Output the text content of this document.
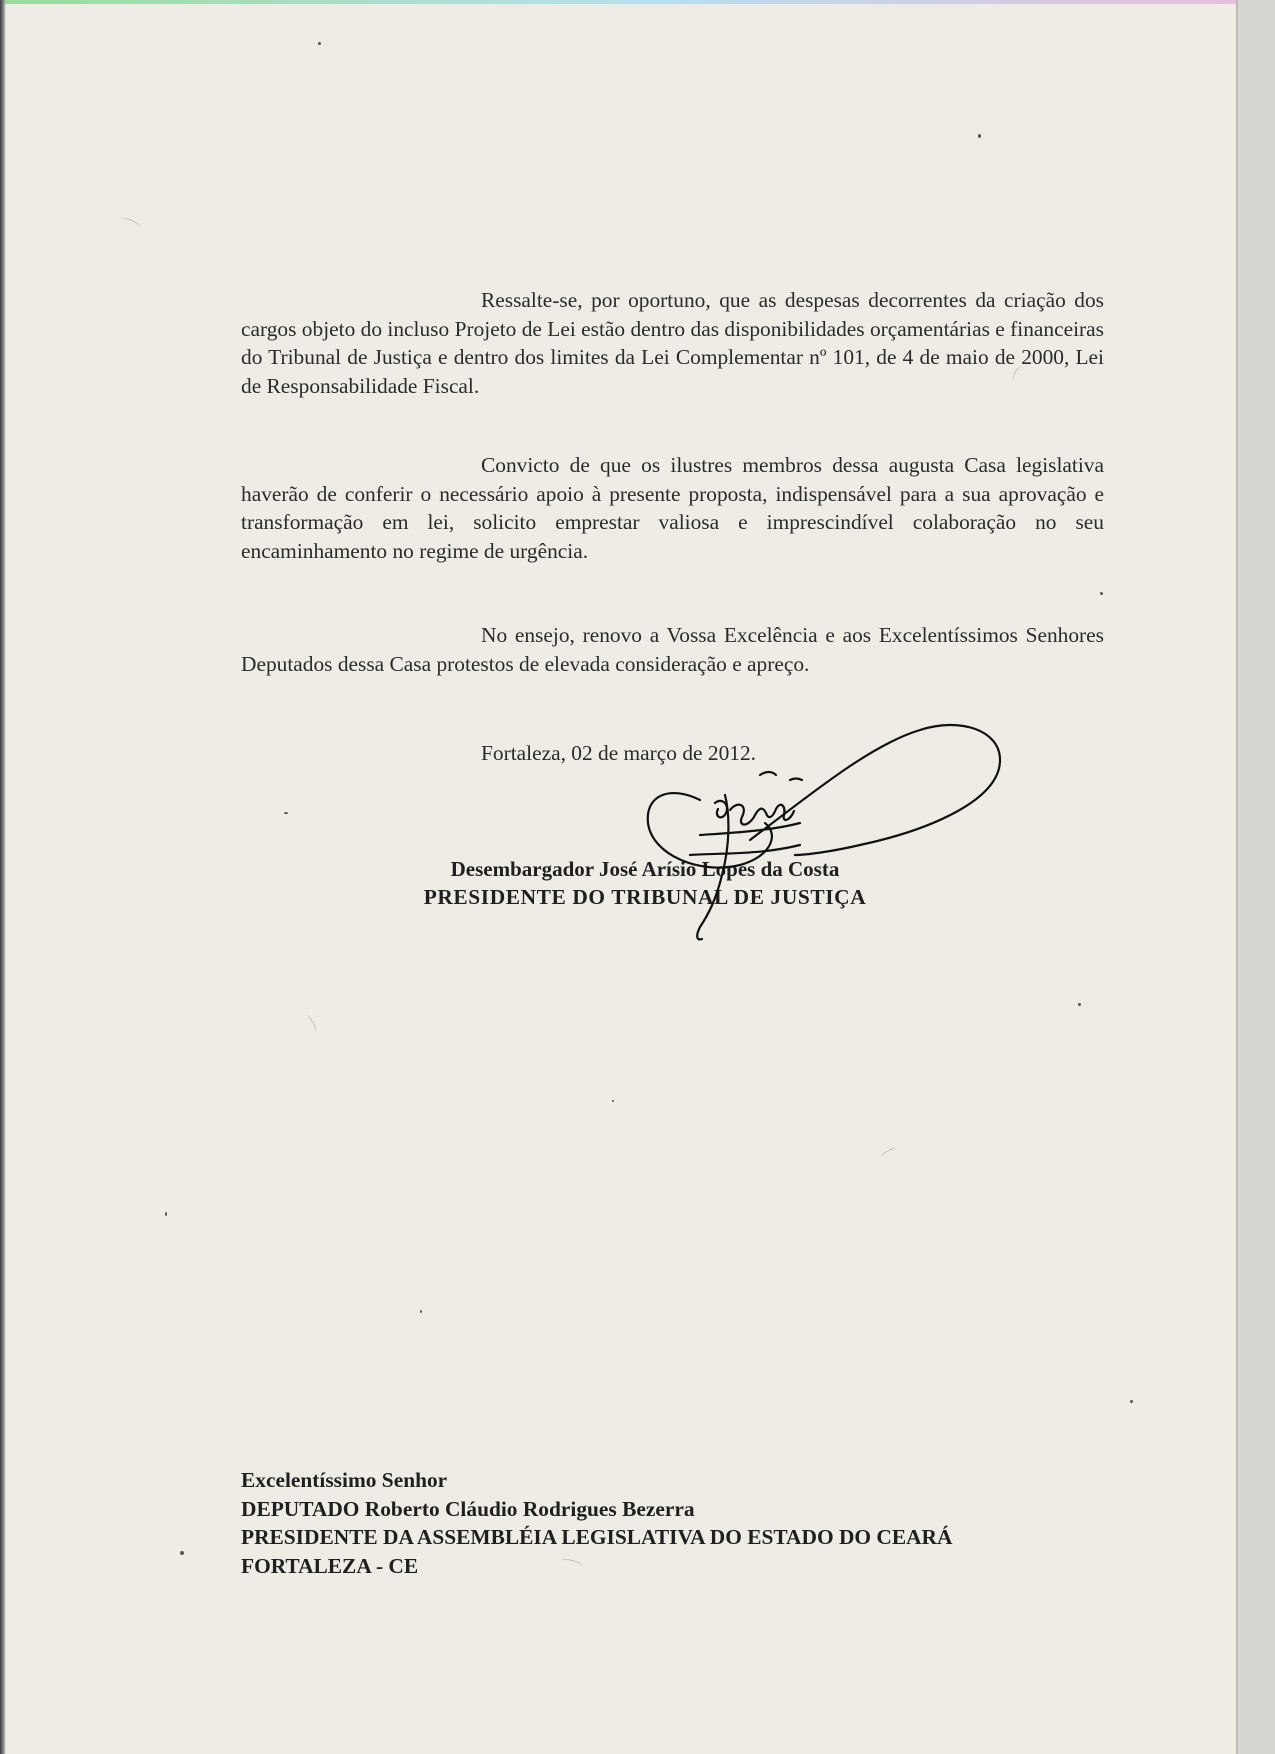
Ressalte-se, por oportuno, que as despesas decorrentes da criação dos cargos objeto do incluso Projeto de Lei estão dentro das disponibilidades orçamentárias e financeiras do Tribunal de Justiça e dentro dos limites da Lei Complementar nº 101, de 4 de maio de 2000, Lei de Responsabilidade Fiscal.

Convicto de que os ilustres membros dessa augusta Casa legislativa haverão de conferir o necessário apoio à presente proposta, indispensável para a sua aprovação e transformação em lei, solicito emprestar valiosa e imprescindível colaboração no seu encaminhamento no regime de urgência.

No ensejo, renovo a Vossa Excelência e aos Excelentíssimos Senhores Deputados dessa Casa protestos de elevada consideração e apreço.

Fortaleza, 02 de março de 2012.
Desembargador José Arísio Lopes da Costa
PRESIDENTE DO TRIBUNAL DE JUSTIÇA
Excelentíssimo Senhor
DEPUTADO Roberto Cláudio Rodrigues Bezerra
PRESIDENTE DA ASSEMBLÉIA LEGISLATIVA DO ESTADO DO CEARÁ
FORTALEZA - CE
